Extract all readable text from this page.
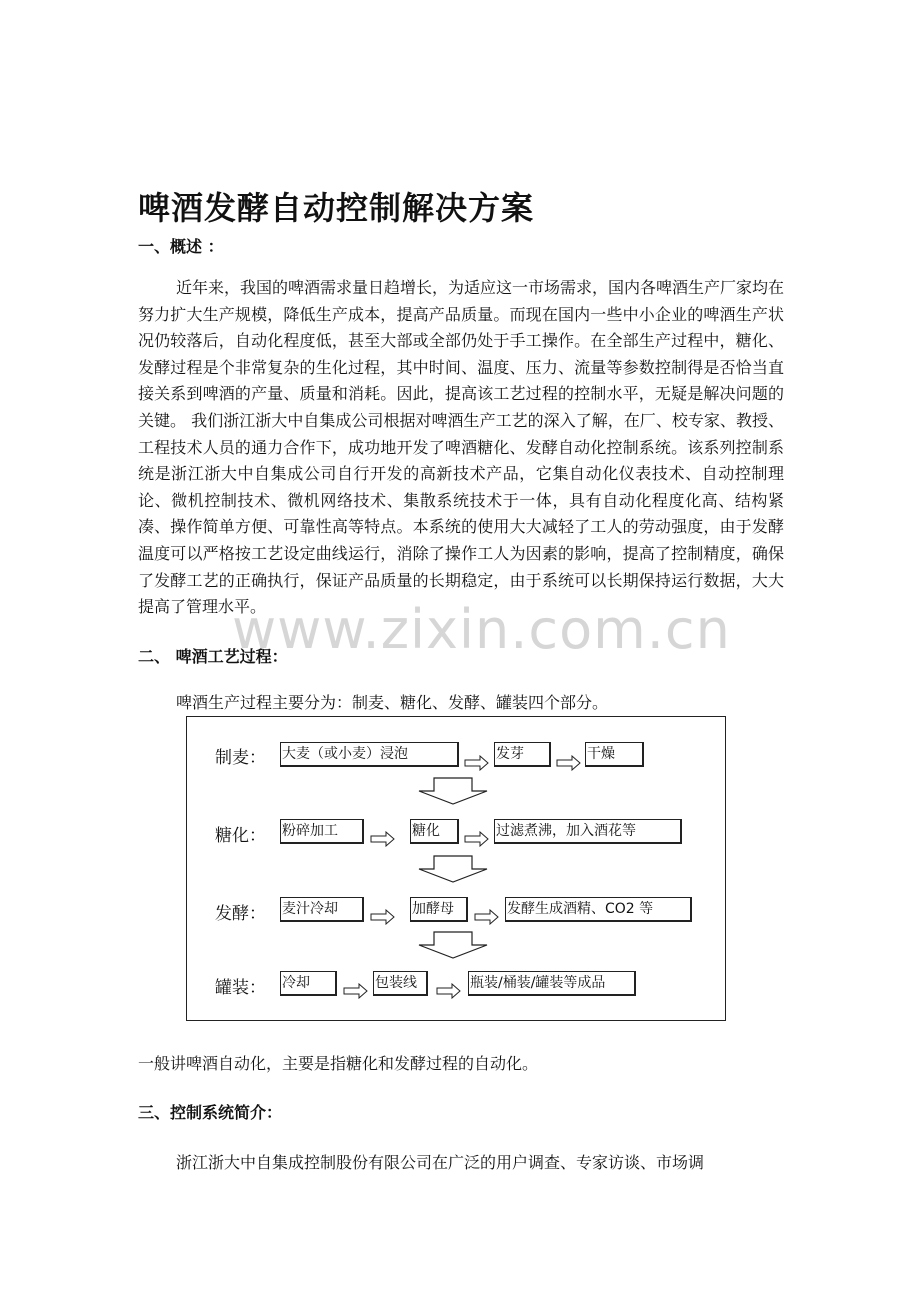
啤酒发酵自动控制解决方案
一、概述 ：
近年来，我国的啤酒需求量日趋增长，为适应这一市场需求，国内各啤酒生产厂家均在努力扩大生产规模，降低生产成本，提高产品质量。而现在国内一些中小企业的啤酒生产状况仍较落后，自动化程度低，甚至大部或全部仍处于手工操作。在全部生产过程中，糖化、发酵过程是个非常复杂的生化过程，其中时间、温度、压力、流量等参数控制得是否恰当直接关系到啤酒的产量、质量和消耗。因此，提高该工艺过程的控制水平，无疑是解决问题的关键。 我们浙江浙大中自集成公司根据对啤酒生产工艺的深入了解，在厂、校专家、教授、工程技术人员的通力合作下，成功地开发了啤酒糖化、发酵自动化控制系统。该系列控制系统是浙江浙大中自集成公司自行开发的高新技术产品，它集自动化仪表技术、自动控制理论、微机控制技术、微机网络技术、集散系统技术于一体，具有自动化程度化高、结构紧凑、操作简单方便、可靠性高等特点。本系统的使用大大减轻了工人的劳动强度，由于发酵温度可以严格按工艺设定曲线运行，消除了操作工人为因素的影响，提高了控制精度，确保了发酵工艺的正确执行，保证产品质量的长期稳定，由于系统可以长期保持运行数据，大大提高了管理水平。
www.zixin.com.cn
二、 啤酒工艺过程：
啤酒生产过程主要分为：制麦、糖化、发酵、罐装四个部分。
制麦： 大麦（或小麦）浸泡	发芽	干燥
糖化： 粉碎加工	糖化	过滤煮沸，加入酒花等
发酵： 麦汁冷却	加酵母	发酵生成酒精、CO2 等
罐装： 冷却	包装线	瓶装/桶装/罐装等成品
一般讲啤酒自动化，主要是指糖化和发酵过程的自动化。
三、控制系统简介：
浙江浙大中自集成控制股份有限公司在广泛的用户调查、专家访谈、市场调
